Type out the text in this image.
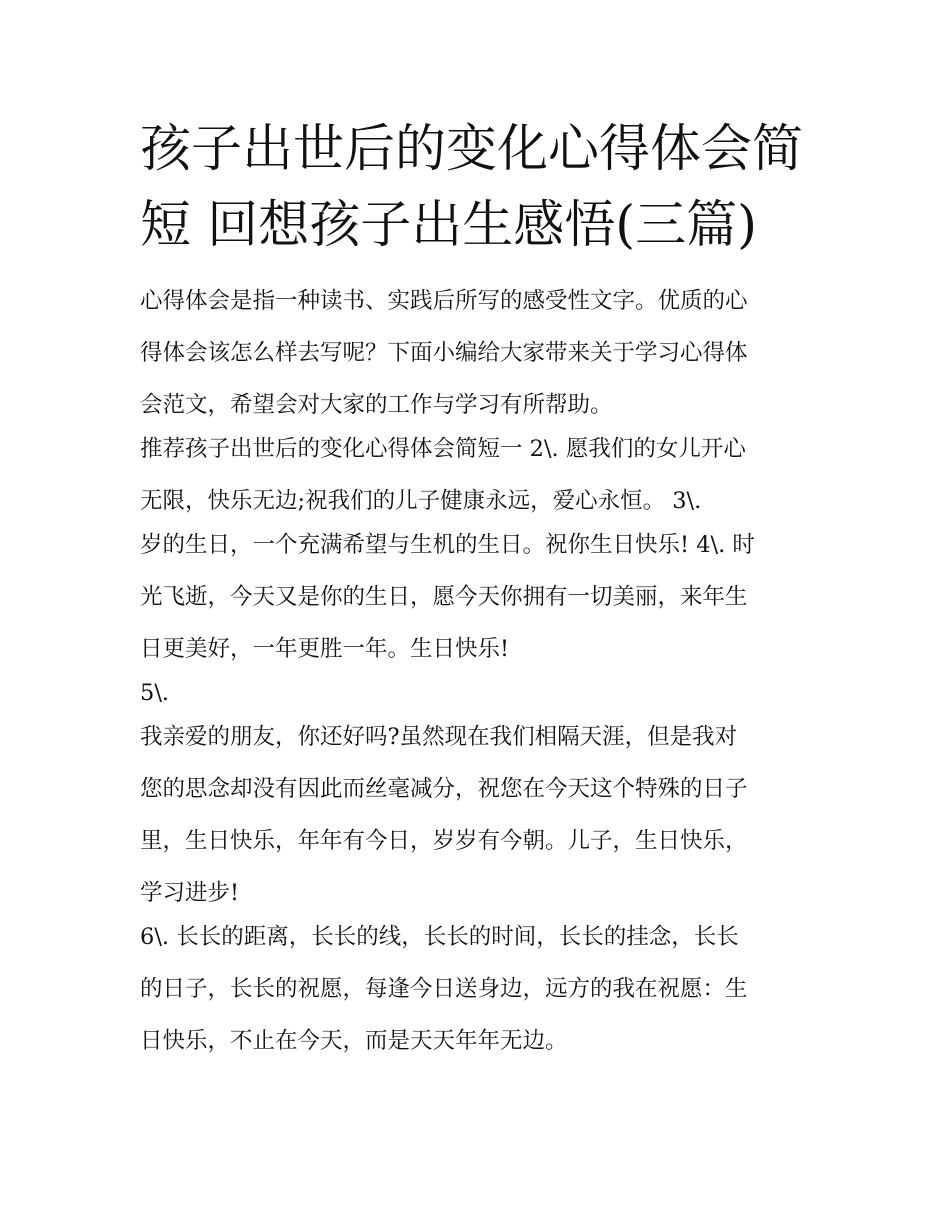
孩子出世后的变化心得体会简
短 回想孩子出生感悟(三篇)
心得体会是指一种读书、实践后所写的感受性文字。优质的心
得体会该怎么样去写呢？下面小编给大家带来关于学习心得体
会范文，希望会对大家的工作与学习有所帮助。
推荐孩子出世后的变化心得体会简短一 2\. 愿我们的女儿开心
无限，快乐无边;祝我们的儿子健康永远，爱心永恒。 3\.
岁的生日，一个充满希望与生机的生日。祝你生日快乐! 4\. 时
光飞逝，今天又是你的生日，愿今天你拥有一切美丽，来年生
日更美好，一年更胜一年。生日快乐!
5\.
我亲爱的朋友，你还好吗?虽然现在我们相隔天涯，但是我对
您的思念却没有因此而丝毫减分，祝您在今天这个特殊的日子
里，生日快乐，年年有今日，岁岁有今朝。儿子，生日快乐，
学习进步!
6\. 长长的距离，长长的线，长长的时间，长长的挂念，长长
的日子，长长的祝愿，每逢今日送身边，远方的我在祝愿：生
日快乐，不止在今天，而是天天年年无边。
